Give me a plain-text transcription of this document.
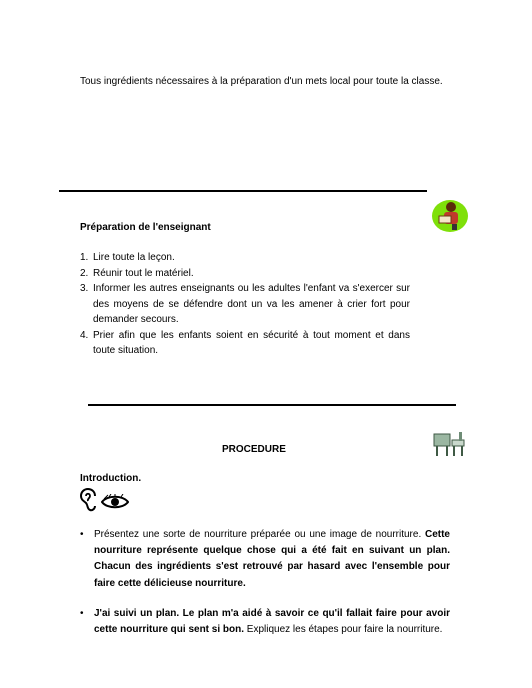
Tous ingrédients nécessaires à la préparation d'un mets local pour toute la classe.
Préparation de l'enseignant
1. Lire toute la leçon.
2. Réunir tout le matériel.
3. Informer les autres enseignants ou les adultes l'enfant va s'exercer sur des moyens de se défendre dont un va les amener à crier fort pour demander secours.
4. Prier afin que les enfants soient en sécurité à tout moment et dans toute situation.
PROCEDURE
Introduction.
• Présentez une sorte de nourriture préparée ou une image de nourriture. Cette nourriture représente quelque chose qui a été fait en suivant un plan. Chacun des ingrédients s'est retrouvé par hasard avec l'ensemble pour faire cette délicieuse nourriture.
• J'ai suivi un plan. Le plan m'a aidé à savoir ce qu'il fallait faire pour avoir cette nourriture qui sent si bon. Expliquez les étapes pour faire la nourriture.
